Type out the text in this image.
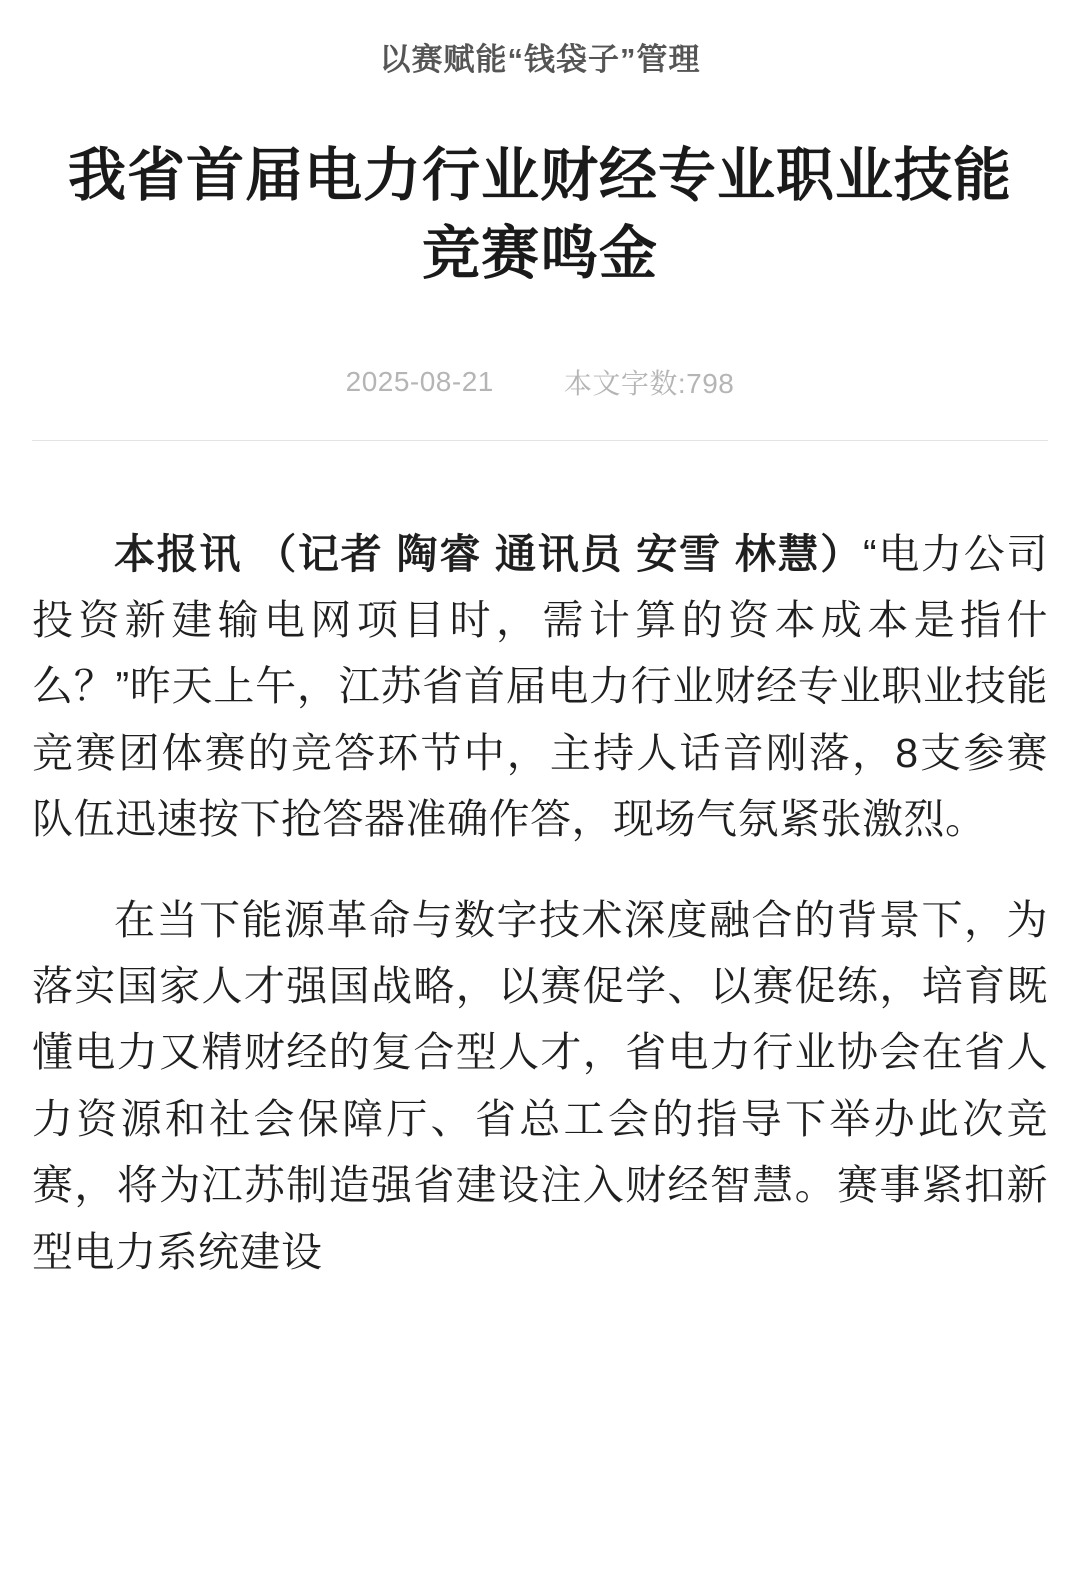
以赛赋能“钱袋子”管理
我省首届电力行业财经专业职业技能竞赛鸣金
2025-08-21	本文字数:798

本报讯 （记者 陶睿 通讯员 安雪 林慧）“电力公司投资新建输电网项目时，需计算的资本成本是指什么？”昨天上午，江苏省首届电力行业财经专业职业技能竞赛团体赛的竞答环节中，主持人话音刚落，8支参赛队伍迅速按下抢答器准确作答，现场气氛紧张激烈。

在当下能源革命与数字技术深度融合的背景下，为落实国家人才强国战略，以赛促学、以赛促练，培育既懂电力又精财经的复合型人才，省电力行业协会在省人力资源和社会保障厅、省总工会的指导下举办此次竞赛，将为江苏制造强省建设注入财经智慧。赛事紧扣新型电力系统建设
